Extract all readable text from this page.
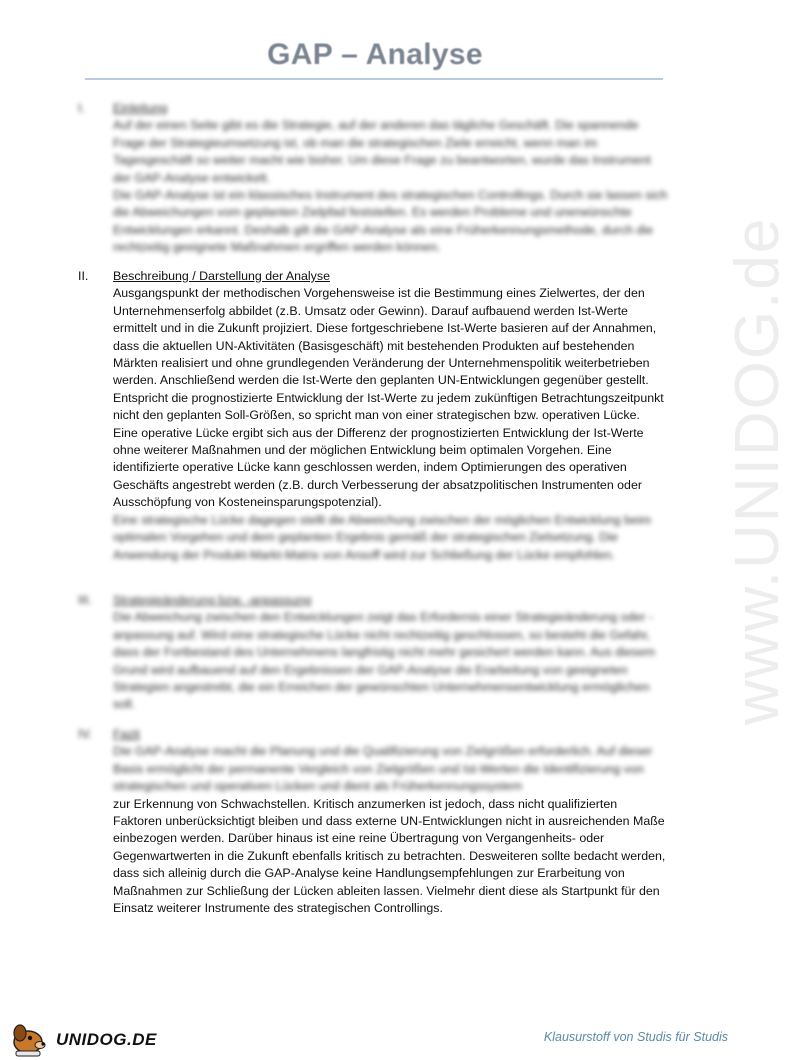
GAP – Analyse
www.UNIDOG.de
I.	Einleitung

Auf der einen Seite gibt es die Strategie, auf der anderen das tägliche Geschäft. Die spannende Frage der Strategieumsetzung ist, ob man die strategischen Ziele erreicht, wenn man im Tagesgeschäft so weiter macht wie bisher. Um diese Frage zu beantworten, wurde das Instrument der GAP-Analyse entwickelt.

Die GAP-Analyse ist ein klassisches Instrument des strategischen Controllings. Durch sie lassen sich die Abweichungen vom geplanten Zielpfad feststellen. Es werden Probleme und unerwünschte Entwicklungen erkannt. Deshalb gilt die GAP-Analyse als eine Früherkennungsmethode, durch die rechtzeitig geeignete Maßnahmen ergriffen werden können.

II.	Beschreibung / Darstellung der Analyse

Ausgangspunkt der methodischen Vorgehensweise ist die Bestimmung eines Zielwertes, der den Unternehmenserfolg abbildet (z.B. Umsatz oder Gewinn). Darauf aufbauend werden Ist-Werte ermittelt und in die Zukunft projiziert. Diese fortgeschriebene Ist-Werte basieren auf der Annahmen, dass die aktuellen UN-Aktivitäten (Basisgeschäft) mit bestehenden Produkten auf bestehenden Märkten realisiert und ohne grundlegenden Veränderung der Unternehmenspolitik weiterbetrieben werden. Anschließend werden die Ist-Werte den geplanten UN-Entwicklungen gegenüber gestellt. Entspricht die prognostizierte Entwicklung der Ist-Werte zu jedem zukünftigen Betrachtungszeitpunkt nicht den geplanten Soll-Größen, so spricht man von einer strategischen bzw. operativen Lücke.

Eine operative Lücke ergibt sich aus der Differenz der prognostizierten Entwicklung der Ist-Werte ohne weiterer Maßnahmen und der möglichen Entwicklung beim optimalen Vorgehen. Eine identifizierte operative Lücke kann geschlossen werden, indem Optimierungen des operativen Geschäfts angestrebt werden (z.B. durch Verbesserung der absatzpolitischen Instrumenten oder Ausschöpfung von Kosteneinsparungspotenzial).

Eine strategische Lücke dagegen stellt die Abweichung zwischen der möglichen Entwicklung beim optimalen Vorgehen und dem geplanten Ergebnis gemäß der strategischen Zielsetzung. Die Anwendung der Produkt-Markt-Matrix von Ansoff wird zur Schließung der Lücke empfohlen.

III.	Strategieänderung bzw. -anpassung

Die Abweichung zwischen den Entwicklungen zeigt das Erfordernis einer Strategieänderung oder -anpassung auf. Wird eine strategische Lücke nicht rechtzeitig geschlossen, so besteht die Gefahr, dass der Fortbestand des Unternehmens langfristig nicht mehr gesichert werden kann. Aus diesem Grund wird aufbauend auf den Ergebnissen der GAP-Analyse die Erarbeitung von geeigneten Strategien angestrebt, die ein Erreichen der gewünschten Unternehmensentwicklung ermöglichen soll.

IV.	Fazit

Die GAP-Analyse macht die Planung und die Qualifizierung von Zielgrößen erforderlich. Auf dieser Basis ermöglicht der permanente Vergleich von Zielgrößen und Ist-Werten die Identifizierung von strategischen und operativen Lücken und dient als Früherkennungssystem

zur Erkennung von Schwachstellen. Kritisch anzumerken ist jedoch, dass nicht qualifizierten Faktoren unberücksichtigt bleiben und dass externe UN-Entwicklungen nicht in ausreichenden Maße einbezogen werden. Darüber hinaus ist eine reine Übertragung von Vergangenheits- oder Gegenwartwerten in die Zukunft ebenfalls kritisch zu betrachten. Desweiteren sollte bedacht werden, dass sich alleinig durch die GAP-Analyse keine Handlungsempfehlungen zur Erarbeitung von Maßnahmen zur Schließung der Lücken ableiten lassen. Vielmehr dient diese als Startpunkt für den Einsatz weiterer Instrumente des strategischen Controllings.

UNIDOG.DE	Klausurstoff von Studis für Studis
